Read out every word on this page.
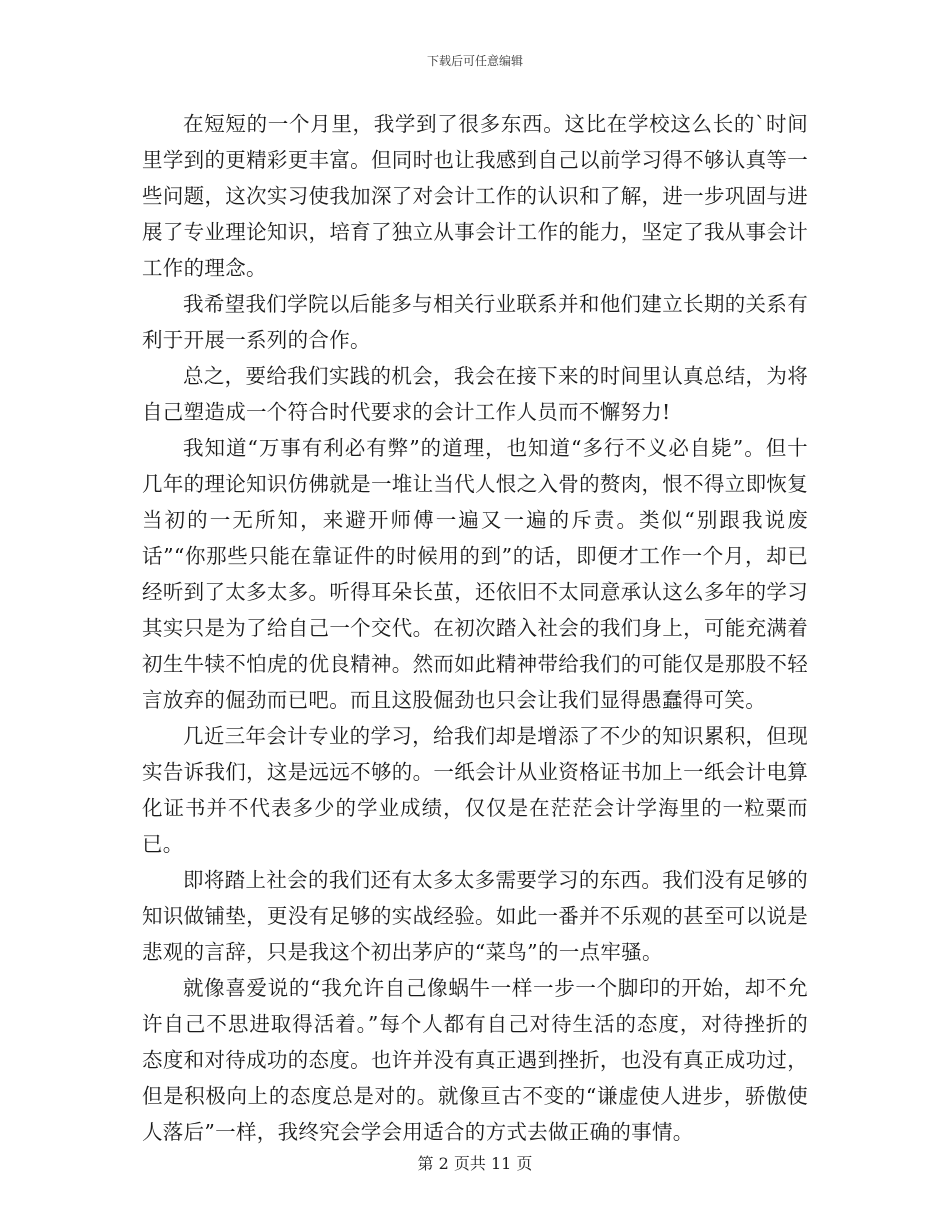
下载后可任意编辑

在短短的一个月里，我学到了很多东西。这比在学校这么长的`时间里学到的更精彩更丰富。但同时也让我感到自己以前学习得不够认真等一些问题，这次实习使我加深了对会计工作的认识和了解，进一步巩固与进展了专业理论知识，培育了独立从事会计工作的能力，坚定了我从事会计工作的理念。

我希望我们学院以后能多与相关行业联系并和他们建立长期的关系有利于开展一系列的合作。

总之，要给我们实践的机会，我会在接下来的时间里认真总结，为将自己塑造成一个符合时代要求的会计工作人员而不懈努力!

我知道“万事有利必有弊”的道理，也知道“多行不义必自毙”。但十几年的理论知识仿佛就是一堆让当代人恨之入骨的赘肉，恨不得立即恢复当初的一无所知，来避开师傅一遍又一遍的斥责。类似“别跟我说废话”“你那些只能在靠证件的时候用的到”的话，即便才工作一个月，却已经听到了太多太多。听得耳朵长茧，还依旧不太同意承认这么多年的学习其实只是为了给自己一个交代。在初次踏入社会的我们身上，可能充满着初生牛犊不怕虎的优良精神。然而如此精神带给我们的可能仅是那股不轻言放弃的倔劲而已吧。而且这股倔劲也只会让我们显得愚蠢得可笑。

几近三年会计专业的学习，给我们却是增添了不少的知识累积，但现实告诉我们，这是远远不够的。一纸会计从业资格证书加上一纸会计电算化证书并不代表多少的学业成绩，仅仅是在茫茫会计学海里的一粒粟而已。

即将踏上社会的我们还有太多太多需要学习的东西。我们没有足够的知识做铺垫，更没有足够的实战经验。如此一番并不乐观的甚至可以说是悲观的言辞，只是我这个初出茅庐的“菜鸟”的一点牢骚。

就像喜爱说的“我允许自己像蜗牛一样一步一个脚印的开始，却不允许自己不思进取得活着。”每个人都有自己对待生活的态度，对待挫折的态度和对待成功的态度。也许并没有真正遇到挫折，也没有真正成功过，但是积极向上的态度总是对的。就像亘古不变的“谦虚使人进步，骄傲使人落后”一样，我终究会学会用适合的方式去做正确的事情。

第 2 页共 11 页
